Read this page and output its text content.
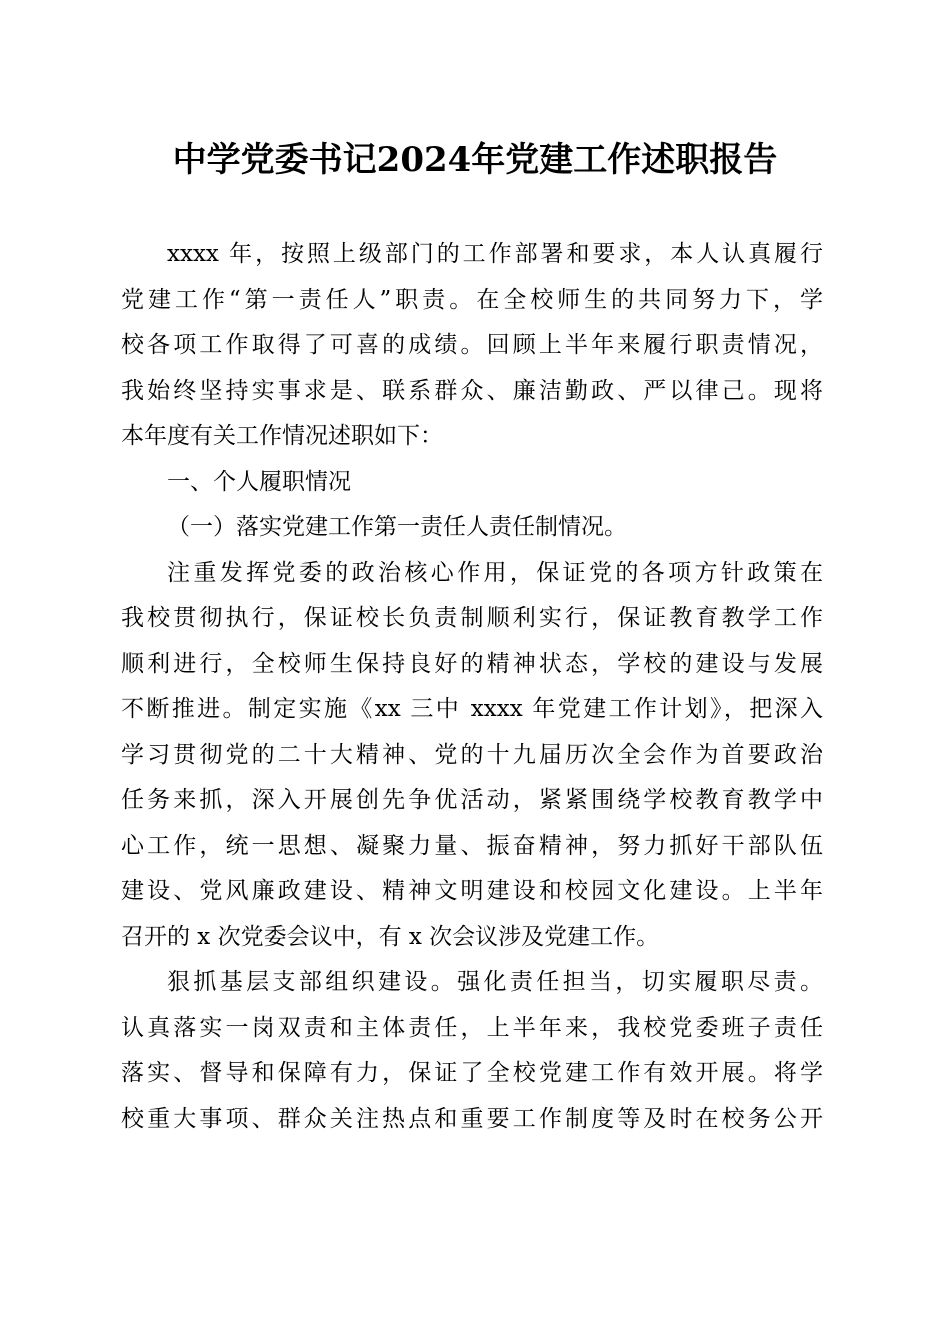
中学党委书记2024年党建工作述职报告
xxxx 年，按照上级部门的工作部署和要求，本人认真履行
党建工作“第一责任人”职责。在全校师生的共同努力下，学
校各项工作取得了可喜的成绩。回顾上半年来履行职责情况，
我始终坚持实事求是、联系群众、廉洁勤政、严以律己。现将
本年度有关工作情况述职如下：
一、个人履职情况
（一）落实党建工作第一责任人责任制情况。
注重发挥党委的政治核心作用，保证党的各项方针政策在
我校贯彻执行，保证校长负责制顺利实行，保证教育教学工作
顺利进行，全校师生保持良好的精神状态，学校的建设与发展
不断推进。制定实施《xx 三中 xxxx 年党建工作计划》，把深入
学习贯彻党的二十大精神、党的十九届历次全会作为首要政治
任务来抓，深入开展创先争优活动，紧紧围绕学校教育教学中
心工作，统一思想、凝聚力量、振奋精神，努力抓好干部队伍
建设、党风廉政建设、精神文明建设和校园文化建设。上半年
召开的 x 次党委会议中，有 x 次会议涉及党建工作。
狠抓基层支部组织建设。强化责任担当，切实履职尽责。
认真落实一岗双责和主体责任，上半年来，我校党委班子责任
落实、督导和保障有力，保证了全校党建工作有效开展。将学
校重大事项、群众关注热点和重要工作制度等及时在校务公开
